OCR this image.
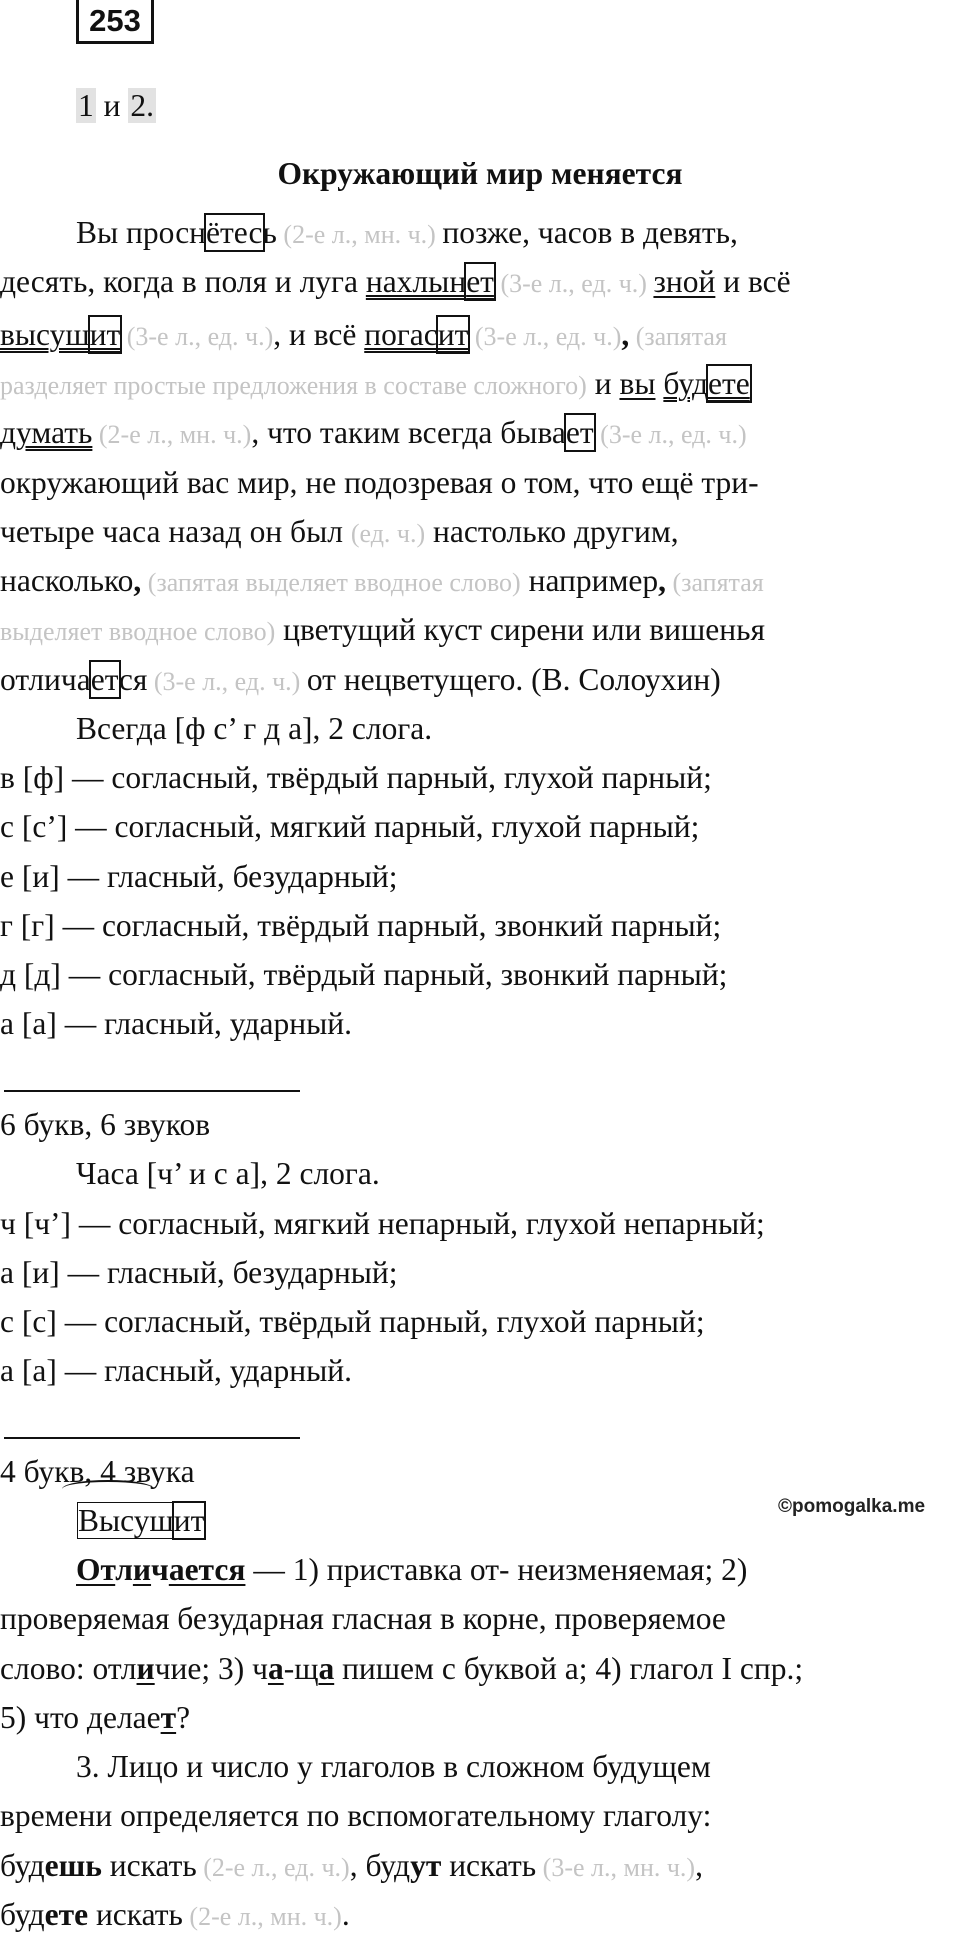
253
1 и 2.
Окружающий мир меняется
Вы проснётесь (2-е л., мн. ч.) позже, часов в девять,
десять, когда в поля и луга нахлынет (3-е л., ед. ч.) зной и всё
высушит (3-е л., ед. ч.), и всё погасит (3-е л., ед. ч.), (запятая
разделяет простые предложения в составе сложного) и вы будете
думать (2-е л., мн. ч.), что таким всегда бывает (3-е л., ед. ч.)
окружающий вас мир, не подозревая о том, что ещё три-
четыре часа назад он был (ед. ч.) настолько другим,
насколько, (запятая выделяет вводное слово) например, (запятая
выделяет вводное слово) цветущий куст сирени или вишенья
отличается (3-е л., ед. ч.) от нецветущего. (В. Солоухин)
Всегда [ф с’ г д а], 2 слога.
в [ф] — согласный, твёрдый парный, глухой парный;
с [с’] — согласный, мягкий парный, глухой парный;
е [и] — гласный, безударный;
г [г] — согласный, твёрдый парный, звонкий парный;
д [д] — согласный, твёрдый парный, звонкий парный;
а [а] — гласный, ударный.
6 букв, 6 звуков
Часа [ч’ и с а], 2 слога.
ч [ч’] — согласный, мягкий непарный, глухой непарный;
а [и] — гласный, безударный;
с [с] — согласный, твёрдый парный, глухой парный;
а [а] — гласный, ударный.
4 букв, 4 звука
Высушит	©pomogalka.me
Отличается — 1) приставка от- неизменяемая; 2)
проверяемая безударная гласная в корне, проверяемое
слово: отличие; 3) ча-ща пишем с буквой а; 4) глагол I спр.;
5) что делает?
3. Лицо и число у глаголов в сложном будущем
времени определяется по вспомогательному глаголу:
будешь искать (2-е л., ед. ч.), будут искать (3-е л., мн. ч.),
будете искать (2-е л., мн. ч.).
